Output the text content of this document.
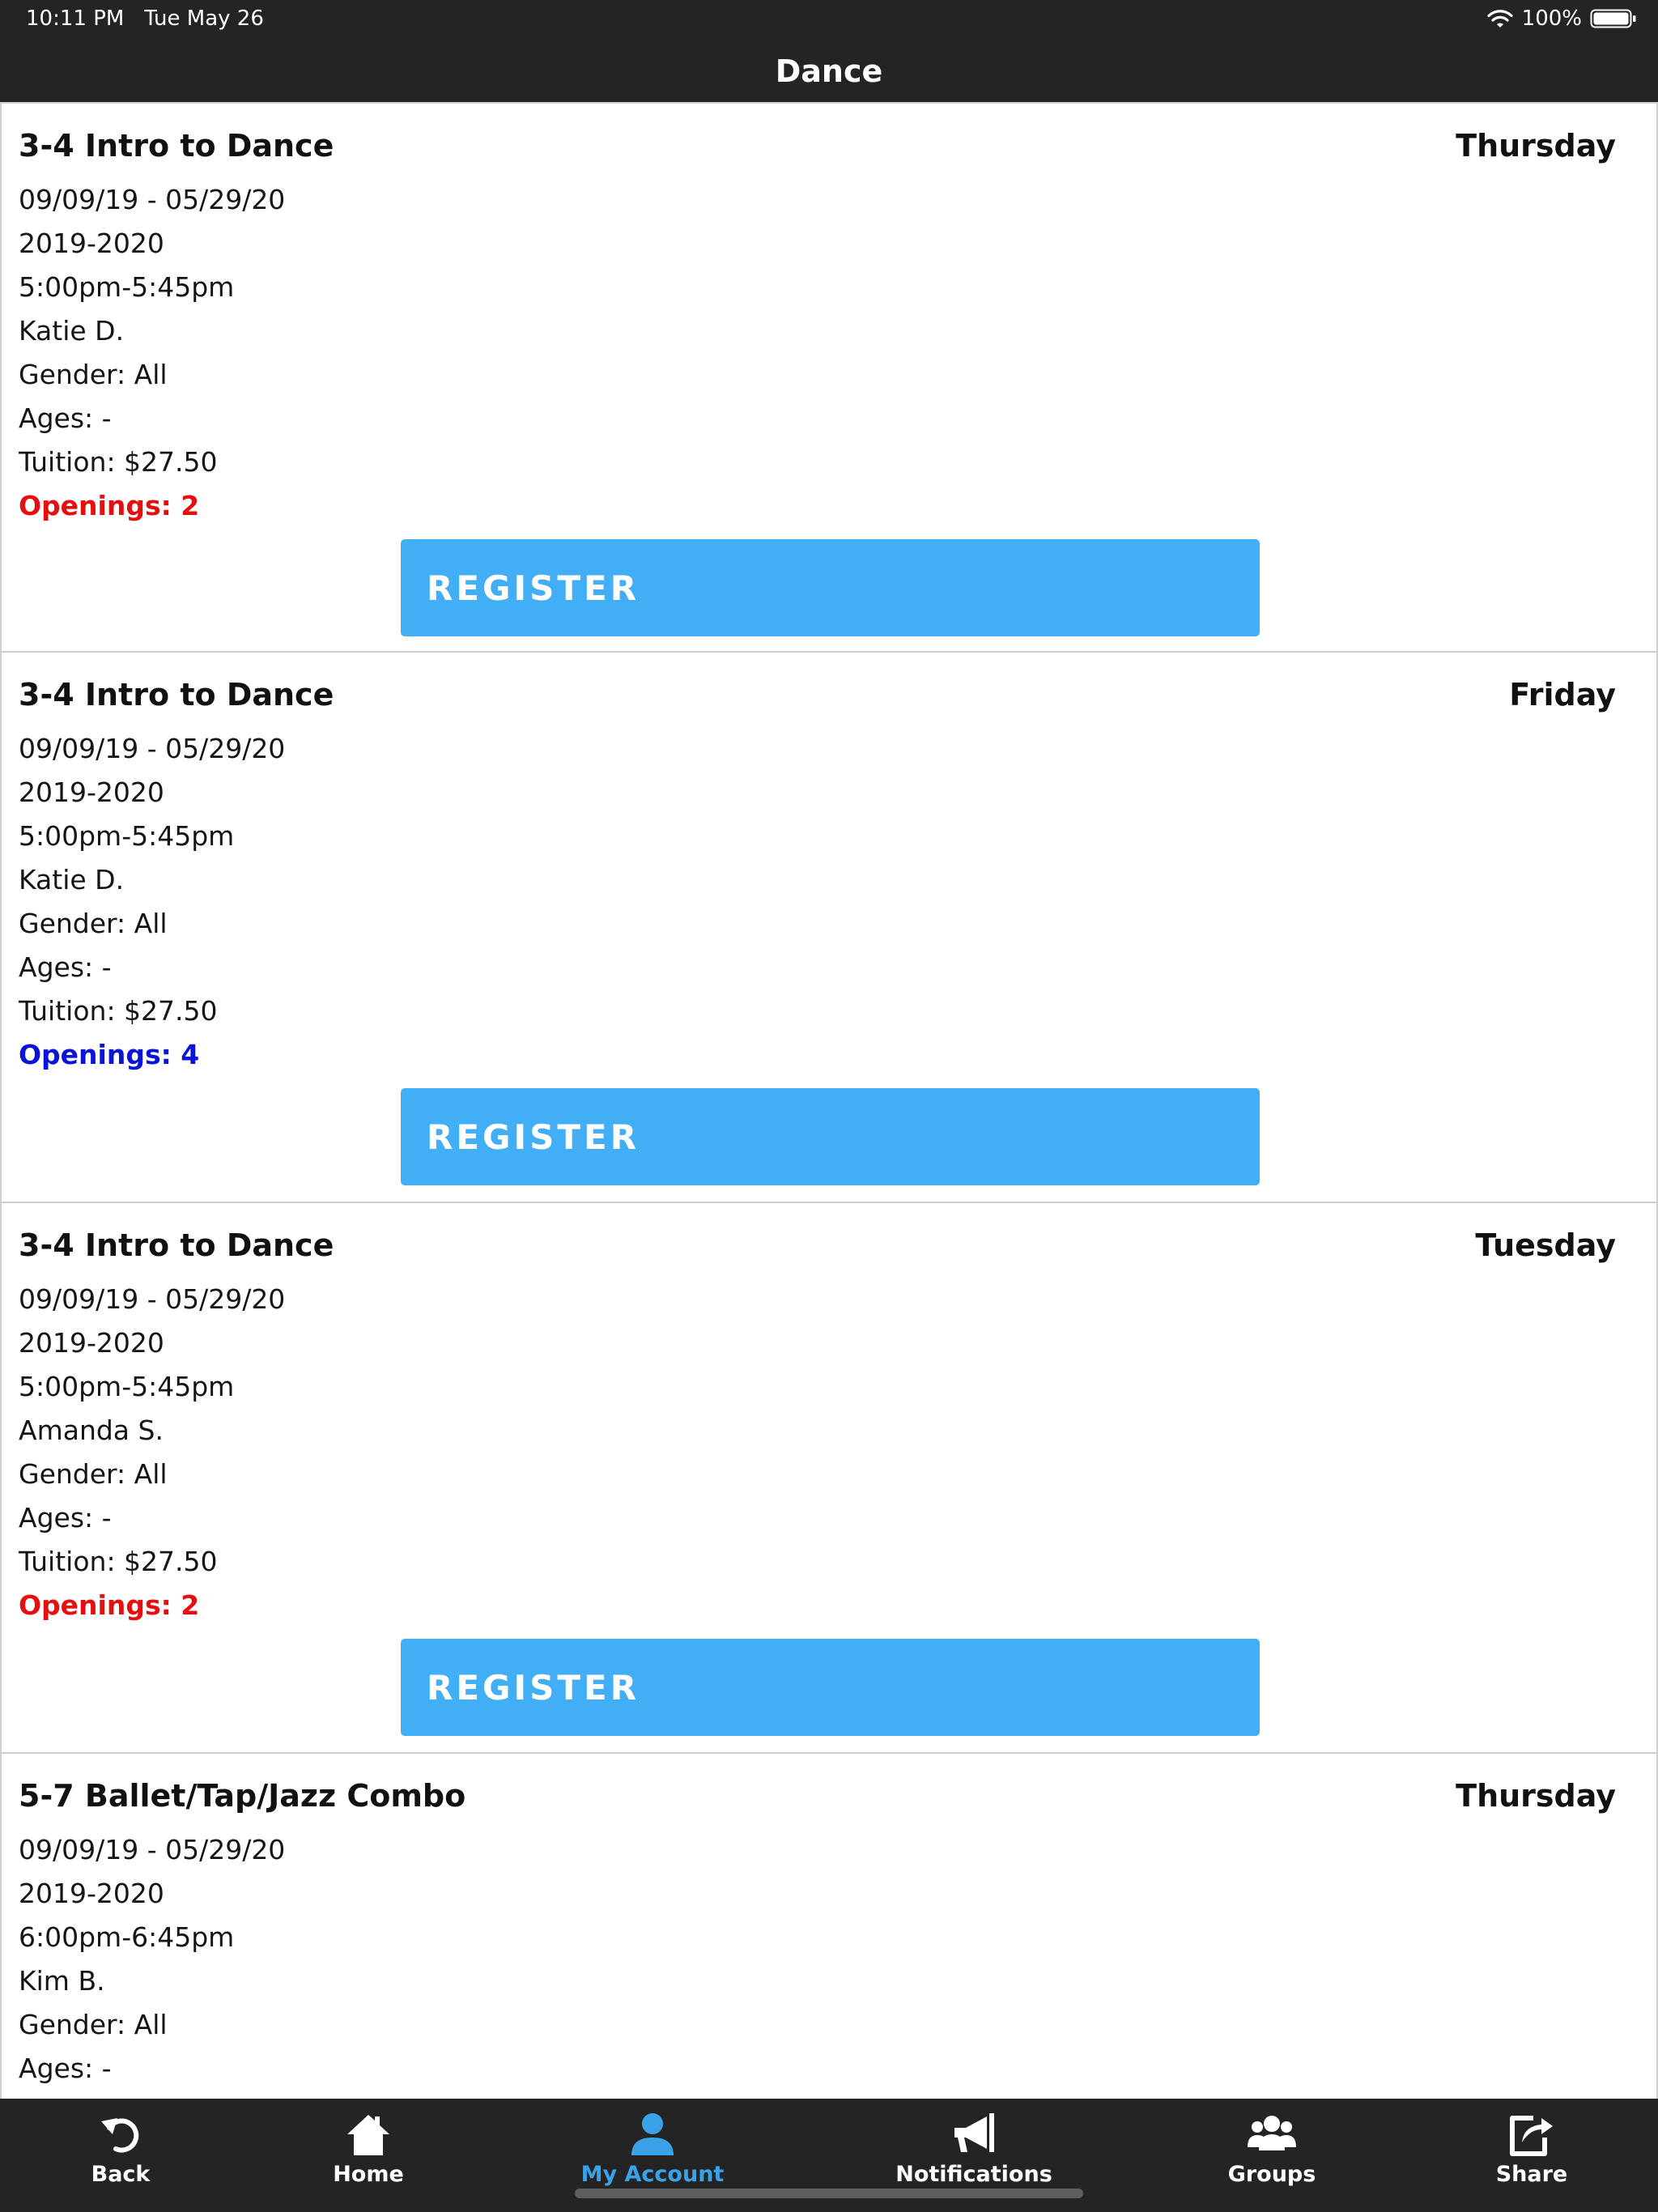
10:11 PM Tue May 26	100%
Dance
3-4 Intro to Dance	Thursday
09/09/19 - 05/29/20
2019-2020
5:00pm-5:45pm
Katie D.
Gender: All
Ages: -
Tuition: $27.50
Openings: 2
REGISTER
3-4 Intro to Dance	Friday
09/09/19 - 05/29/20
2019-2020
5:00pm-5:45pm
Katie D.
Gender: All
Ages: -
Tuition: $27.50
Openings: 4
REGISTER
3-4 Intro to Dance	Tuesday
09/09/19 - 05/29/20
2019-2020
5:00pm-5:45pm
Amanda S.
Gender: All
Ages: -
Tuition: $27.50
Openings: 2
REGISTER
5-7 Ballet/Tap/Jazz Combo	Thursday
09/09/19 - 05/29/20
2019-2020
6:00pm-6:45pm
Kim B.
Gender: All
Ages: -
Back	Home	My Account	Notifications	Groups	Share
